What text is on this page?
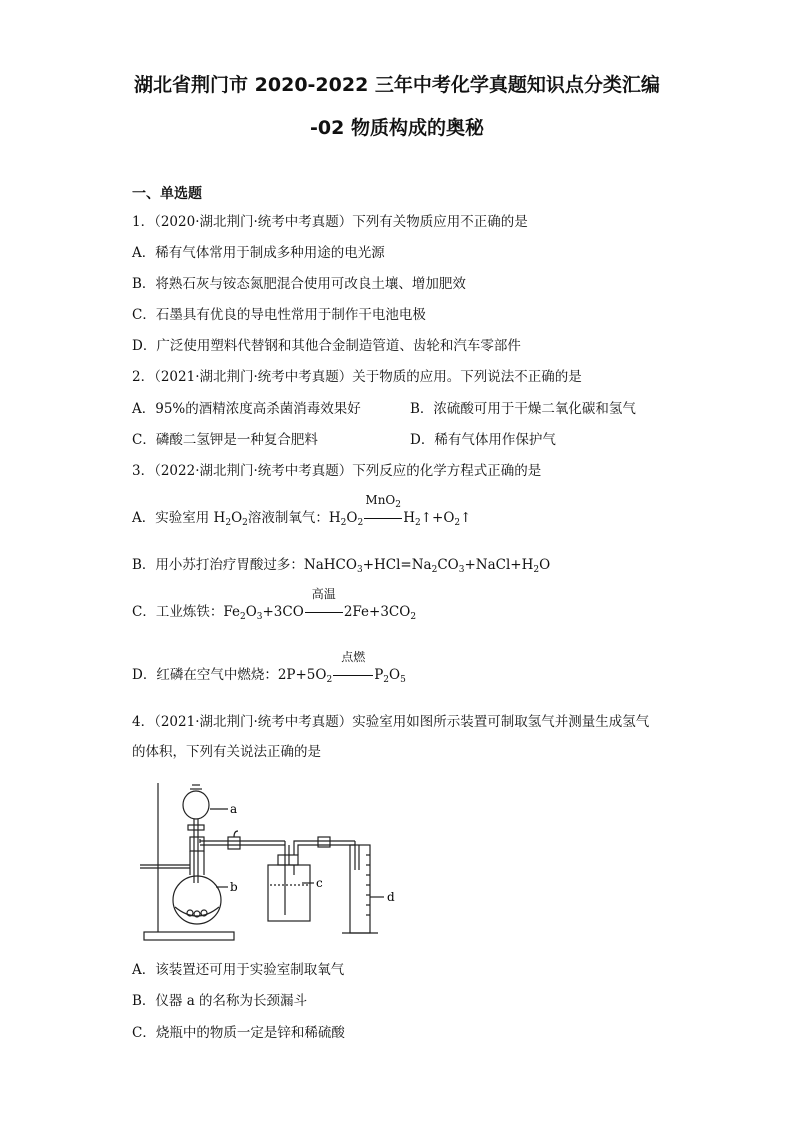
湖北省荆门市 2020-2022 三年中考化学真题知识点分类汇编
-02 物质构成的奥秘
一、单选题
1．（2020·湖北荆门·统考中考真题）下列有关物质应用不正确的是
A．稀有气体常用于制成多种用途的电光源
B．将熟石灰与铵态氮肥混合使用可改良土壤、增加肥效
C．石墨具有优良的导电性常用于制作干电池电极
D．广泛使用塑料代替钢和其他合金制造管道、齿轮和汽车零部件
2．（2021·湖北荆门·统考中考真题）关于物质的应用。下列说法不正确的是
A．95%的酒精浓度高杀菌消毒效果好	B．浓硫酸可用于干燥二氧化碳和氢气
C．磷酸二氢钾是一种复合肥料	D．稀有气体用作保护气
3．（2022·湖北荆门·统考中考真题）下列反应的化学方程式正确的是
A．实验室用 $H_2O_2$溶液制氧气：$H_2O_2$
MnO$_2$
$H_2↑+O_2↑$
B．用小苏打治疗胃酸过多：$NaHCO_3+HCl=Na_2CO_3+NaCl+H_2O$
C．工业炼铁：$Fe_2O_3+3CO$
高温
$2Fe+3CO_2$
D．红磷在空气中燃烧：$2P+5O_2$
点燃
$P_2O_5$
4．（2021·湖北荆门·统考中考真题）实验室用如图所示装置可制取氢气并测量生成氢气
的体积，下列有关说法正确的是
a
b	c
d
A．该装置还可用于实验室制取氧气
B．仪器 a 的名称为长颈漏斗
C．烧瓶中的物质一定是锌和稀硫酸
